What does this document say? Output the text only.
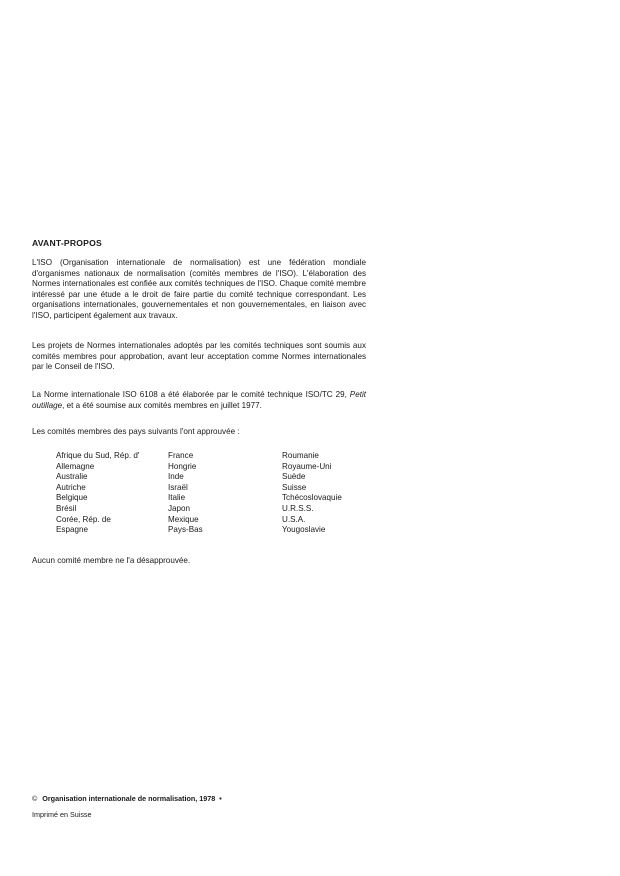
AVANT-PROPOS

L'ISO (Organisation internationale de normalisation) est une fédération mondiale d'organismes nationaux de normalisation (comités membres de l'ISO). L'élaboration des Normes internationales est confiée aux comités techniques de l'ISO. Chaque comité membre intéressé par une étude a le droit de faire partie du comité technique correspondant. Les organisations internationales, gouvernementales et non gouvernementales, en liaison avec l'ISO, participent également aux travaux.

Les projets de Normes internationales adoptés par les comités techniques sont soumis aux comités membres pour approbation, avant leur acceptation comme Normes internationales par le Conseil de l'ISO.

La Norme internationale ISO 6108 a été élaborée par le comité technique ISO/TC 29, Petit outillage, et a été soumise aux comités membres en juillet 1977.

Les comités membres des pays suivants l'ont approuvée :

Afrique du Sud, Rép. d'
Allemagne
Australie
Autriche
Belgique
Brésil
Corée, Rép. de
Espagne
France
Hongrie
Inde
Israël
Italie
Japon
Mexique
Pays-Bas
Roumanie
Royaume-Uni
Suède
Suisse
Tchécoslovaquie
U.R.S.S.
U.S.A.
Yougoslavie

Aucun comité membre ne l'a désapprouvée.

© Organisation internationale de normalisation, 1978 •
Imprimé en Suisse
